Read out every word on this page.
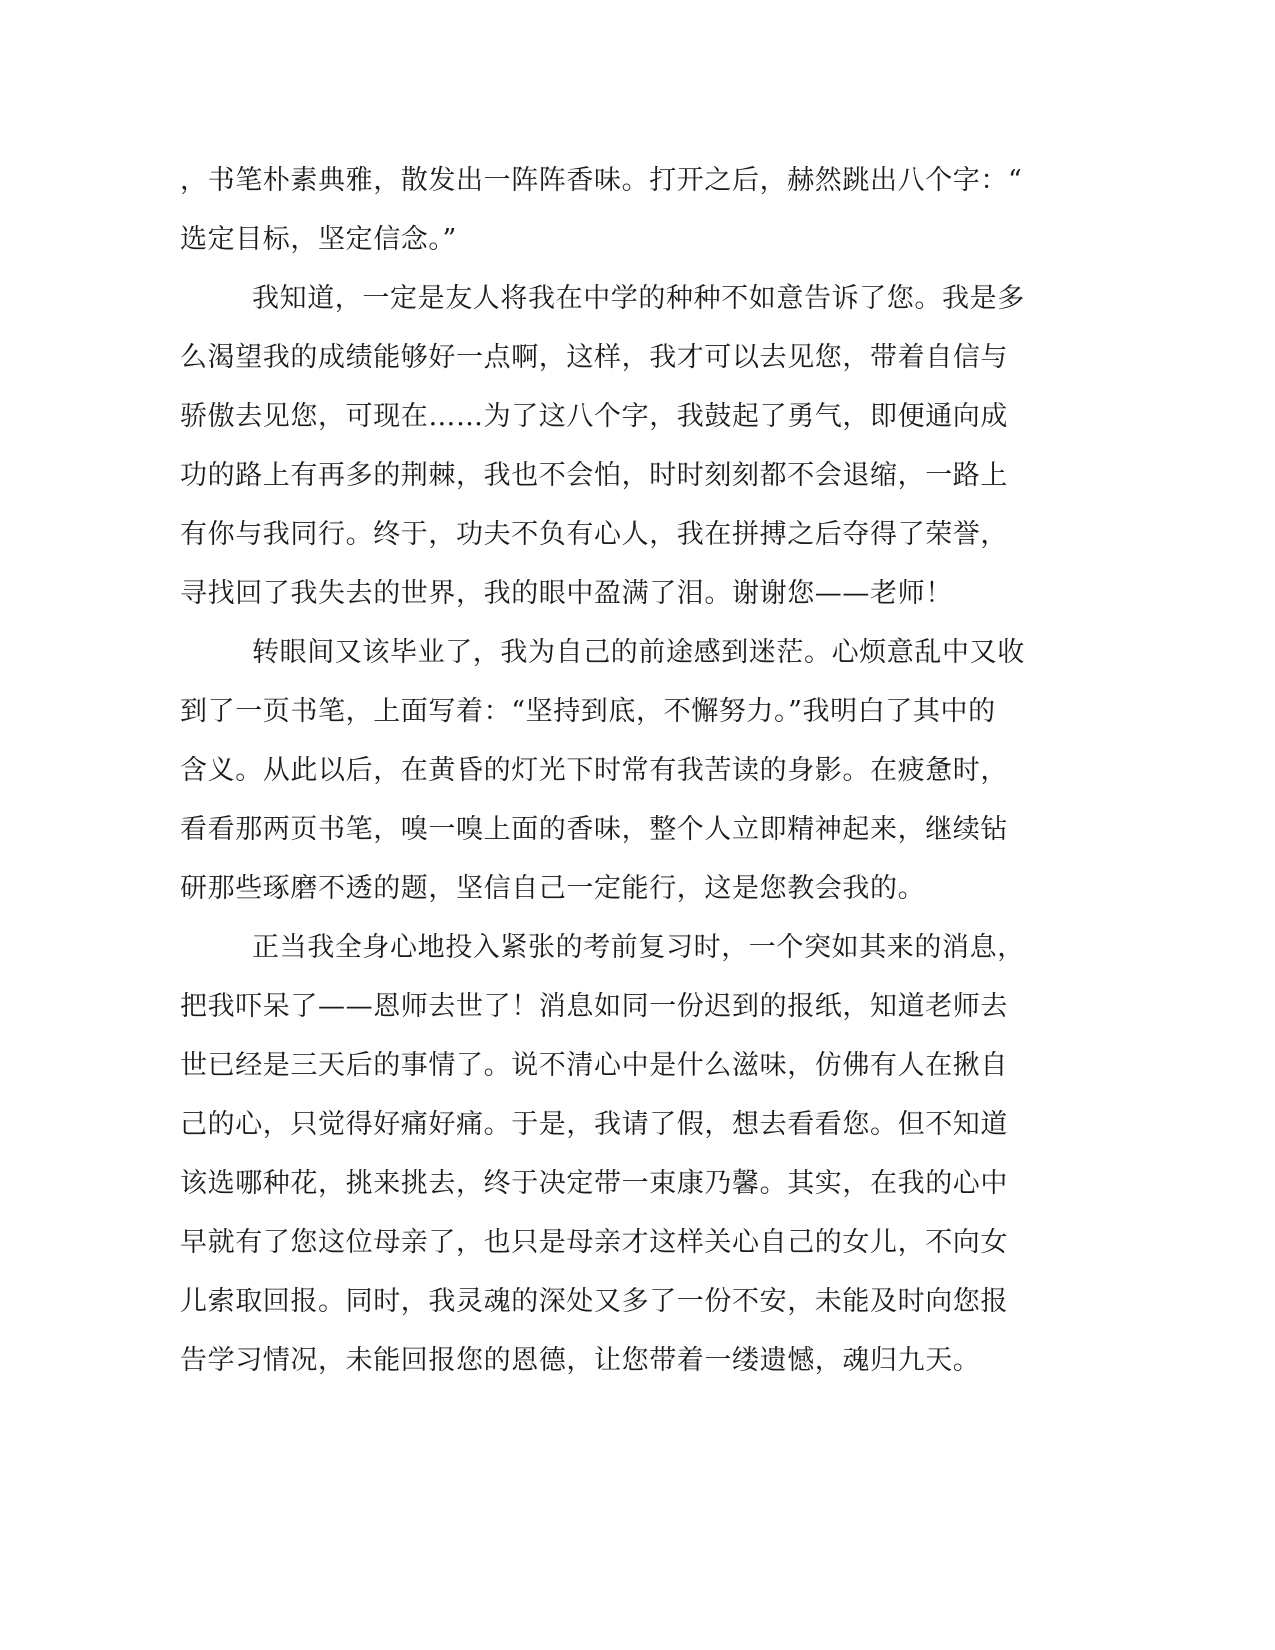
，书笔朴素典雅，散发出一阵阵香味。打开之后，赫然跳出八个字：“
选定目标，坚定信念。”
我知道，一定是友人将我在中学的种种不如意告诉了您。我是多
么渴望我的成绩能够好一点啊，这样，我才可以去见您，带着自信与
骄傲去见您，可现在……为了这八个字，我鼓起了勇气，即便通向成
功的路上有再多的荆棘，我也不会怕，时时刻刻都不会退缩，一路上
有你与我同行。终于，功夫不负有心人，我在拼搏之后夺得了荣誉，
寻找回了我失去的世界，我的眼中盈满了泪。谢谢您——老师！
转眼间又该毕业了，我为自己的前途感到迷茫。心烦意乱中又收
到了一页书笔，上面写着：“坚持到底，不懈努力。”我明白了其中的
含义。从此以后，在黄昏的灯光下时常有我苦读的身影。在疲惫时，
看看那两页书笔，嗅一嗅上面的香味，整个人立即精神起来，继续钻
研那些琢磨不透的题，坚信自己一定能行，这是您教会我的。
正当我全身心地投入紧张的考前复习时，一个突如其来的消息，
把我吓呆了——恩师去世了！消息如同一份迟到的报纸，知道老师去
世已经是三天后的事情了。说不清心中是什么滋味，仿佛有人在揪自
己的心，只觉得好痛好痛。于是，我请了假，想去看看您。但不知道
该选哪种花，挑来挑去，终于决定带一束康乃馨。其实，在我的心中
早就有了您这位母亲了，也只是母亲才这样关心自己的女儿，不向女
儿索取回报。同时，我灵魂的深处又多了一份不安，未能及时向您报
告学习情况，未能回报您的恩德，让您带着一缕遗憾，魂归九天。
